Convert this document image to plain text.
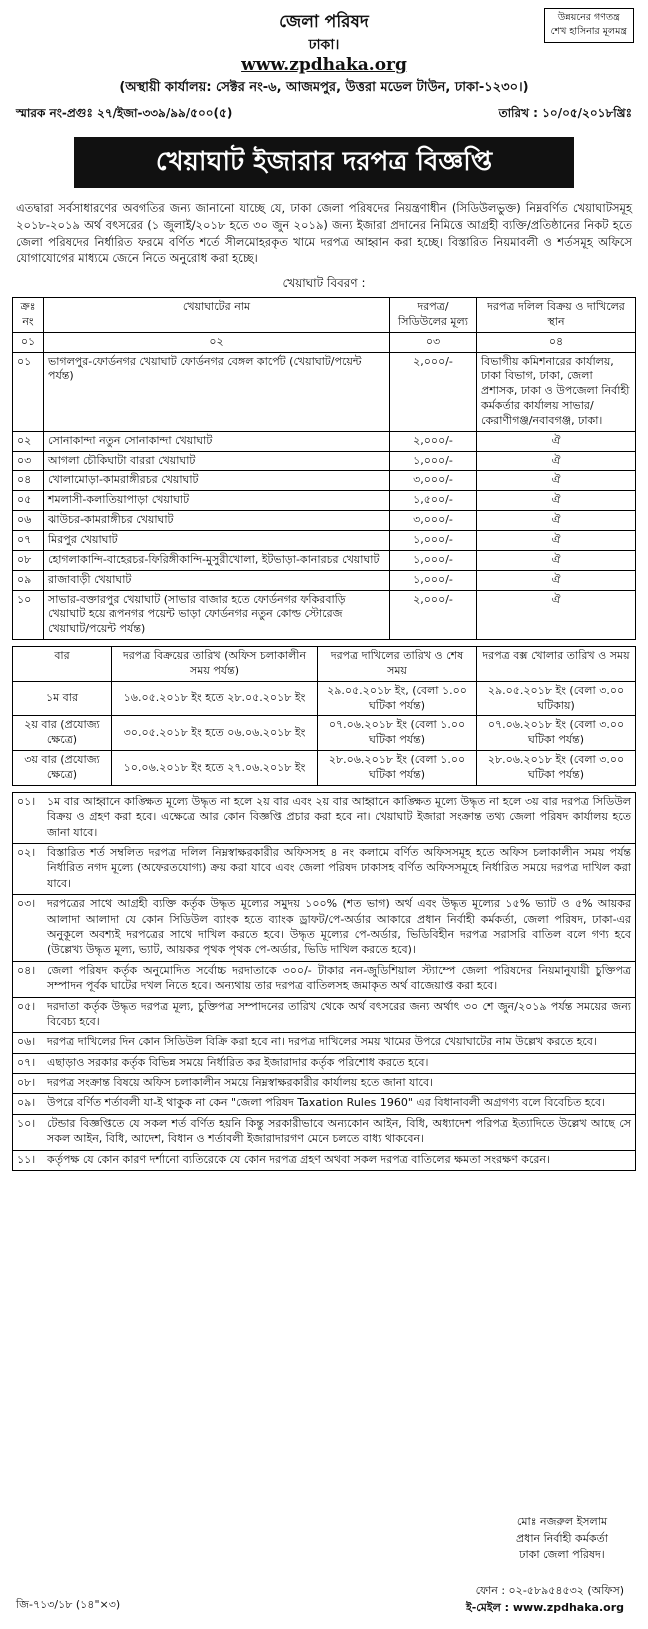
উন্নয়নের গণতন্ত্র
শেখ হাসিনার মূলমন্ত্র
জেলা পরিষদ
ঢাকা।
www.zpdhaka.org
(অস্থায়ী কার্যালয়: সেক্টর নং-৬, আজমপুর, উত্তরা মডেল টাউন, ঢাকা-১২৩০।)
স্মারক নং-প্রগুঃ ২৭/ইজা-৩৩৯/৯৯/৫০০(৫)	তারিখ : ১০/০৫/২০১৮খ্রিঃ
খেয়াঘাট ইজারার দরপত্র বিজ্ঞপ্তি
এতদ্বারা সর্বসাধারণের অবগতির জন্য জানানো যাচ্ছে যে, ঢাকা জেলা পরিষদের নিয়ন্ত্রণাধীন (সিডিউলভুক্ত) নিম্নবর্ণিত খেয়াঘাটসমূহ ২০১৮-২০১৯ অর্থ বৎসরের (১ জুলাই/২০১৮ হতে ৩০ জুন ২০১৯) জন্য ইজারা প্রদানের নিমিত্তে আগ্রহী ব্যক্তি/প্রতিষ্ঠানের নিকট হতে জেলা পরিষদের নির্ধারিত ফরমে বর্ণিত শর্তে সীলমোহরকৃত খামে দরপত্র আহ্বান করা হচ্ছে। বিস্তারিত নিয়মাবলী ও শর্তসমূহ অফিসে যোগাযোগের মাধ্যমে জেনে নিতে অনুরোধ করা হচ্ছে।
খেয়াঘাট বিবরণ :
ক্রঃ নং	খেয়াঘাটের নাম	দরপত্র/ সিডিউলের মূল্য	দরপত্র দলিল বিক্রয় ও দাখিলের স্থান
০১	০২	০৩	০৪
০১	ভাগলপুর-ফোর্ডনগর খেয়াঘাট ফোর্ডনগর বেঙ্গল কার্পেট (খেয়াঘাট/পয়েন্ট পর্যন্ত)	২,০০০/-	বিভাগীয় কমিশনারের কার্যালয়, ঢাকা বিভাগ, ঢাকা, জেলা প্রশাসক, ঢাকা ও উপজেলা নির্বাহী কর্মকর্তার কার্যালয় সাভার/কেরাণীগঞ্জ/নবাবগঞ্জ, ঢাকা।
০২	সোনাকান্দা নতুন সোনাকান্দা খেয়াঘাট	২,০০০/-	ঐ
০৩	আগলা চৌকিঘাটা বাররা খেয়াঘাট	১,০০০/-	ঐ
০৪	খোলামোড়া-কামরাঙ্গীরচর খেয়াঘাট	৩,০০০/-	ঐ
০৫	শমলাসী-কলাতিয়াপাড়া খেয়াঘাট	১,৫০০/-	ঐ
০৬	ঝাউচর-কামরাঙ্গীচর খেয়াঘাট	৩,০০০/-	ঐ
০৭	মিরপুর খেয়াঘাট	১,০০০/-	ঐ
০৮	হোগলাকান্দি-বাহেরচর-ফিরিঙ্গীকান্দি-মুসুরীখোলা, ইটভাড়া-কানারচর খেয়াঘাট	১,০০০/-	ঐ
০৯	রাজাবাড়ী খেয়াঘাট	১,০০০/-	ঐ
১০	সাভার-বক্তারপুর খেয়াঘাট (সাভার বাজার হতে ফোর্ডনগর ফকিরবাড়ি খেয়াঘাট হয়ে রূপনগর পয়েন্ট ভাড়া ফোর্ডনগর নতুন কোল্ড স্টোরেজ খেয়াঘাট/পয়েন্ট পর্যন্ত)	২,০০০/-	ঐ
বার	দরপত্র বিক্রয়ের তারিখ (অফিস চলাকালীন সময় পর্যন্ত)	দরপত্র দাখিলের তারিখ ও শেষ সময়	দরপত্র বক্স খোলার তারিখ ও সময়
১ম বার	১৬.০৫.২০১৮ ইং হতে ২৮.০৫.২০১৮ ইং	২৯.০৫.২০১৮ ইং, (বেলা ১.০০ ঘটিকা পর্যন্ত)	২৯.০৫.২০১৮ ইং (বেলা ৩.০০ ঘটিকায়)
২য় বার (প্রযোজ্য ক্ষেত্রে)	৩০.০৫.২০১৮ ইং হতে ০৬.০৬.২০১৮ ইং	০৭.০৬.২০১৮ ইং (বেলা ১.০০ ঘটিকা পর্যন্ত)	০৭.০৬.২০১৮ ইং (বেলা ৩.০০ ঘটিকা পর্যন্ত)
৩য় বার (প্রযোজ্য ক্ষেত্রে)	১০.০৬.২০১৮ ইং হতে ২৭.০৬.২০১৮ ইং	২৮.০৬.২০১৮ ইং (বেলা ১.০০ ঘটিকা পর্যন্ত)	২৮.০৬.২০১৮ ইং (বেলা ৩.০০ ঘটিকা পর্যন্ত)
০১।	১ম বার আহ্বানে কাঙ্ক্ষিত মূল্যে উদ্ধৃত না হলে ২য় বার এবং ২য় বার আহ্বানে কাঙ্ক্ষিত মূল্যে উদ্ধৃত না হলে ৩য় বার দরপত্র সিডিউল বিক্রয় ও গ্রহণ করা হবে। এক্ষেত্রে আর কোন বিজ্ঞপ্তি প্রচার করা হবে না। খেয়াঘাট ইজারা সংক্রান্ত তথ্য জেলা পরিষদ কার্যালয় হতে জানা যাবে।
০২।	বিস্তারিত শর্ত সম্বলিত দরপত্র দলিল নিম্নস্বাক্ষরকারীর অফিসসহ ৪ নং কলামে বর্ণিত অফিসসমূহ হতে অফিস চলাকালীন সময় পর্যন্ত নির্ধারিত নগদ মূল্যে (অফেরতযোগ্য) ক্রয় করা যাবে এবং জেলা পরিষদ ঢাকাসহ বর্ণিত অফিসসমূহে নির্ধারিত সময়ে দরপত্র দাখিল করা যাবে।
০৩।	দরপত্রের সাথে আগ্রহী ব্যক্তি কর্তৃক উদ্ধৃত মূল্যের সমুদয় ১০০% (শত ভাগ) অর্থ এবং উদ্ধৃত মূল্যের ১৫% ভ্যাট ও ৫% আয়কর আলাদা আলাদা যে কোন সিডিউল ব্যাংক হতে ব্যাংক ড্রাফট/পে-অর্ডার আকারে প্রধান নির্বাহী কর্মকর্তা, জেলা পরিষদ, ঢাকা-এর অনুকূলে অবশ্যই দরপত্রের সাথে দাখিল করতে হবে। উদ্ধৃত মূল্যের পে-অর্ডার, ভিডিবিহীন দরপত্র সরাসরি বাতিল বলে গণ্য হবে (উল্লেখ্য উদ্ধৃত মূল্য, ভ্যাট, আয়কর পৃথক পৃথক পে-অর্ডার, ভিডি দাখিল করতে হবে)।
০৪।	জেলা পরিষদ কর্তৃক অনুমোদিত সর্বোচ্চ দরদাতাকে ৩০০/- টাকার নন-জুডিশিয়াল স্ট্যাম্পে জেলা পরিষদের নিয়মানুযায়ী চুক্তিপত্র সম্পাদন পূর্বক ঘাটের দখল নিতে হবে। অন্যথায় তার দরপত্র বাতিলসহ জমাকৃত অর্থ বাজেয়াপ্ত করা হবে।
০৫।	দরদাতা কর্তৃক উদ্ধৃত দরপত্র মূল্য, চুক্তিপত্র সম্পাদনের তারিখ থেকে অর্থ বৎসরের জন্য অর্থাৎ ৩০ শে জুন/২০১৯ পর্যন্ত সময়ের জন্য বিবেচ্য হবে।
০৬।	দরপত্র দাখিলের দিন কোন সিডিউল বিক্রি করা হবে না। দরপত্র দাখিলের সময় খামের উপরে খেয়াঘাটের নাম উল্লেখ করতে হবে।
০৭।	এছাড়াও সরকার কর্তৃক বিভিন্ন সময়ে নির্ধারিত কর ইজারাদার কর্তৃক পরিশোধ করতে হবে।
০৮।	দরপত্র সংক্রান্ত বিষয়ে অফিস চলাকালীন সময়ে নিম্নস্বাক্ষরকারীর কার্যালয় হতে জানা যাবে।
০৯।	উপরে বর্ণিত শর্তাবলী যা-ই থাকুক না কেন "জেলা পরিষদ Taxation Rules 1960" এর বিধানাবলী অগ্রগণ্য বলে বিবেচিত হবে।
১০।	টেন্ডার বিজ্ঞপ্তিতে যে সকল শর্ত বর্ণিত হয়নি কিন্তু সরকারীভাবে অন্যকোন আইন, বিধি, অধ্যাদেশ পরিপত্র ইত্যাদিতে উল্লেখ আছে সে সকল আইন, বিধি, আদেশ, বিধান ও শর্তাবলী ইজারাদারগণ মেনে চলতে বাধ্য থাকবেন।
১১।	কর্তৃপক্ষ যে কোন কারণ দর্শানো ব্যতিরেকে যে কোন দরপত্র গ্রহণ অথবা সকল দরপত্র বাতিলের ক্ষমতা সংরক্ষণ করেন।
মোঃ নজরুল ইসলাম
প্রধান নির্বাহী কর্মকর্তা
ঢাকা জেলা পরিষদ।
ফোন : ০২-৫৮৯৫৪৫৩২ (অফিস)
ই-মেইল : www.zpdhaka.org
জি-৭১৩/১৮ (১৪"×৩)
